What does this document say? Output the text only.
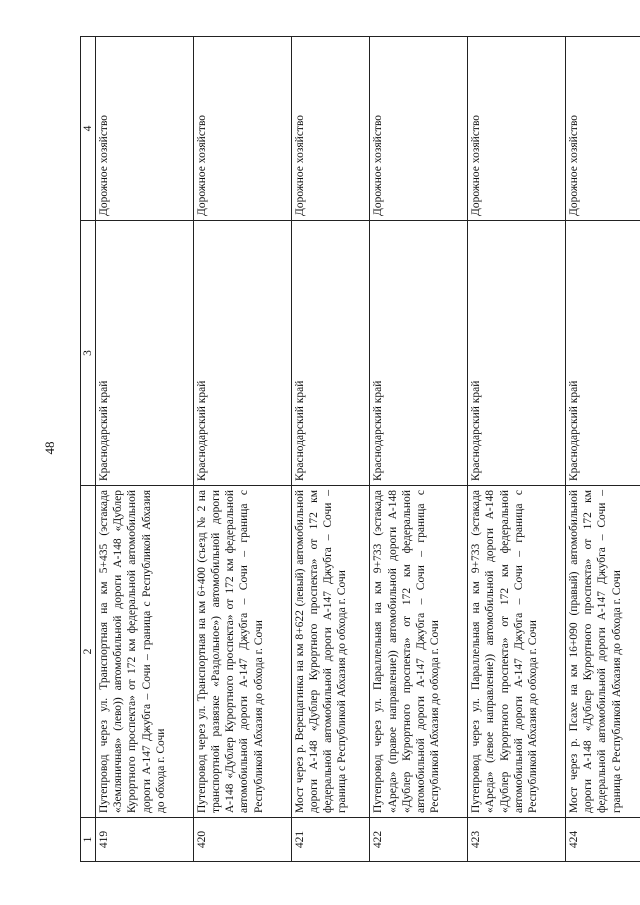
48
1	2	3	4
419	Путепровод через ул. Транспортная на км 5+435 (эстакада «Земляничная» (лево)) автомобильной дороги А-148 «Дублер Курортного проспекта» от 172 км федеральной автомобильной дороги А-147 Джубга – Сочи – граница с Республикой Абхазия до обхода г. Сочи	Краснодарский край	Дорожное хозяйство
420	Путепровод через ул. Транспортная на км 6+400 (съезд № 2 на транспортной развязке «Раздольное») автомобильной дороги А-148 «Дублер Курортного проспекта» от 172 км федеральной автомобильной дороги А-147 Джубга – Сочи – граница с Республикой Абхазия до обхода г. Сочи	Краснодарский край	Дорожное хозяйство
421	Мост через р. Верещагинка на км 8+622 (левый) автомобильной дороги А-148 «Дублер Курортного проспекта» от 172 км федеральной автомобильной дороги А-147 Джубга – Сочи – граница с Республикой Абхазия до обхода г. Сочи	Краснодарский край	Дорожное хозяйство
422	Путепровод через ул. Параллельная на км 9+733 (эстакада «Ареда» (правое направление)) автомобильной дороги А-148 «Дублер Курортного проспекта» от 172 км федеральной автомобильной дороги А-147 Джубга – Сочи – граница с Республикой Абхазия до обхода г. Сочи	Краснодарский край	Дорожное хозяйство
423	Путепровод через ул. Параллельная на км 9+733 (эстакада «Ареда» (левое направление)) автомобильной дороги А-148 «Дублер Курортного проспекта» от 172 км федеральной автомобильной дороги А-147 Джубга – Сочи – граница с Республикой Абхазия до обхода г. Сочи	Краснодарский край	Дорожное хозяйство
424	Мост через р. Псахе на км 16+090 (правый) автомобильной дороги А-148 «Дублер Курортного проспекта» от 172 км федеральной автомобильной дороги А-147 Джубга – Сочи – граница с Республикой Абхазия до обхода г. Сочи	Краснодарский край	Дорожное хозяйство
